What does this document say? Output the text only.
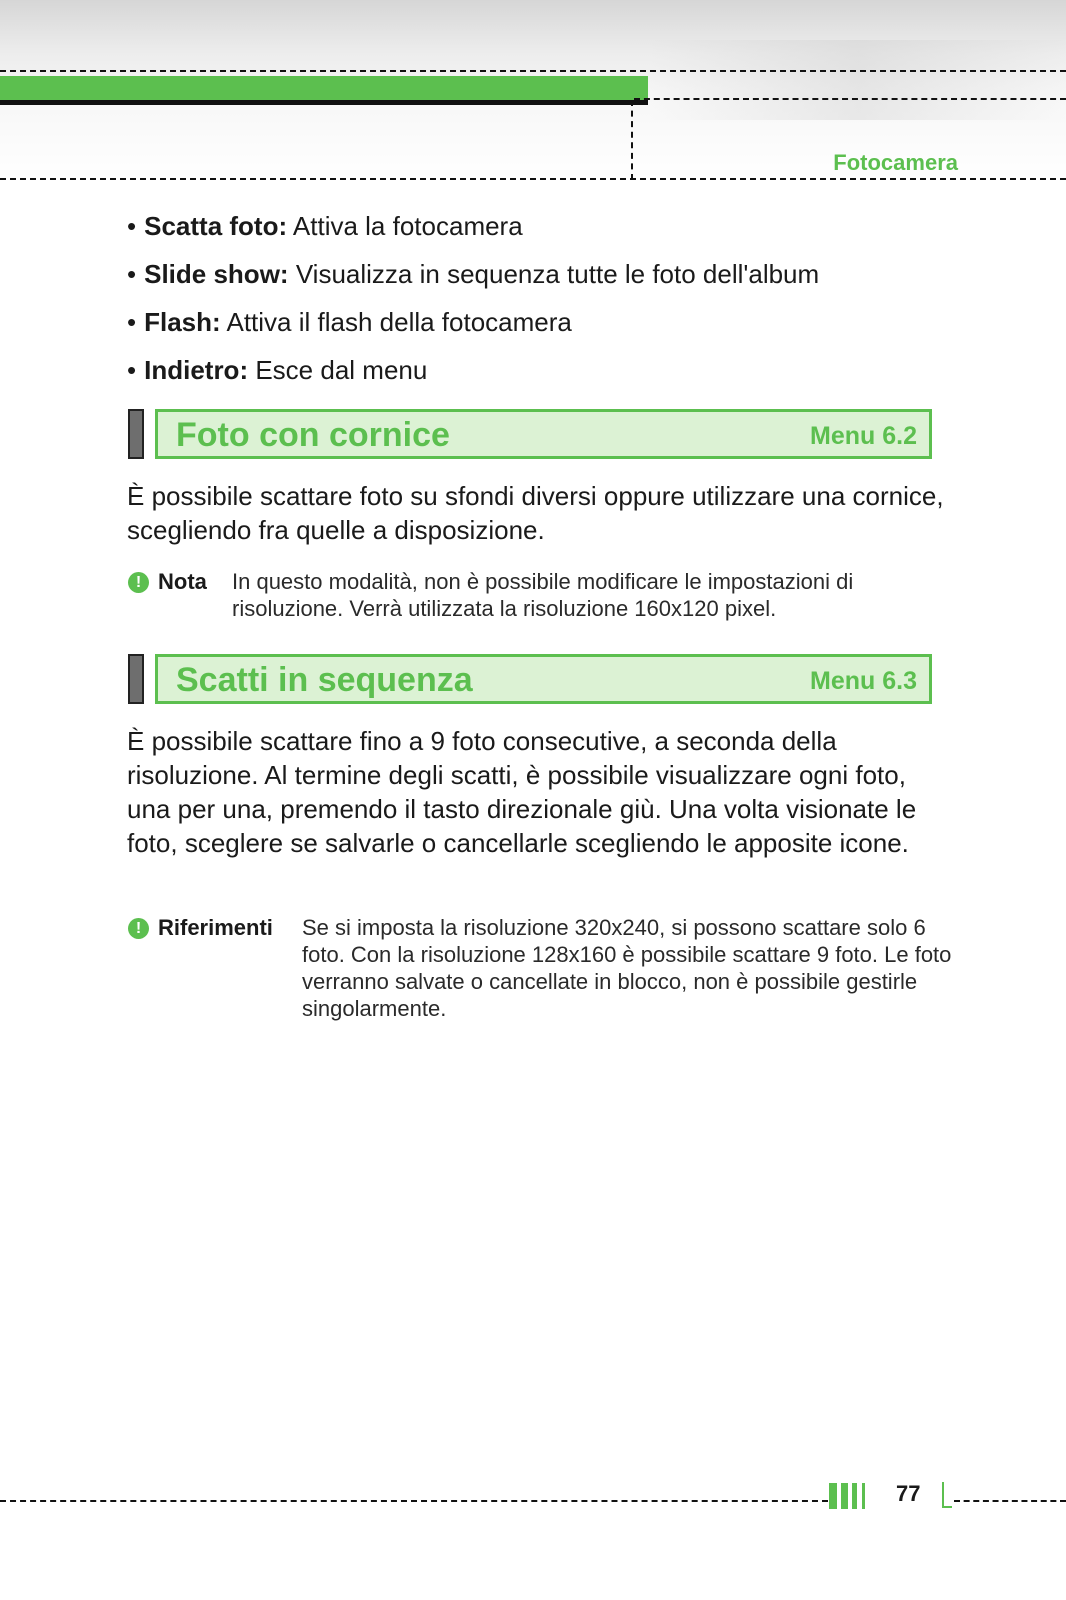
Fotocamera
• Scatta foto: Attiva la fotocamera
• Slide show: Visualizza in sequenza tutte le foto dell'album
• Flash: Attiva il flash della fotocamera
• Indietro: Esce dal menu
Foto con cornice	Menu 6.2

È possibile scattare foto su sfondi diversi oppure utilizzare una cornice, scegliendo fra quelle a disposizione.

! Nota In questo modalità, non è possibile modificare le impostazioni di risoluzione. Verrà utilizzata la risoluzione 160x120 pixel.

Scatti in sequenza	Menu 6.3

È possibile scattare fino a 9 foto consecutive, a seconda della risoluzione. Al termine degli scatti, è possibile visualizzare ogni foto, una per una, premendo il tasto direzionale giù. Una volta visionate le foto, sceglere se salvarle o cancellarle scegliendo le apposite icone.

! Riferimenti Se si imposta la risoluzione 320x240, si possono scattare solo 6 foto. Con la risoluzione 128x160 è possibile scattare 9 foto. Le foto verranno salvate o cancellate in blocco, non è possibile gestirle singolarmente.

77
